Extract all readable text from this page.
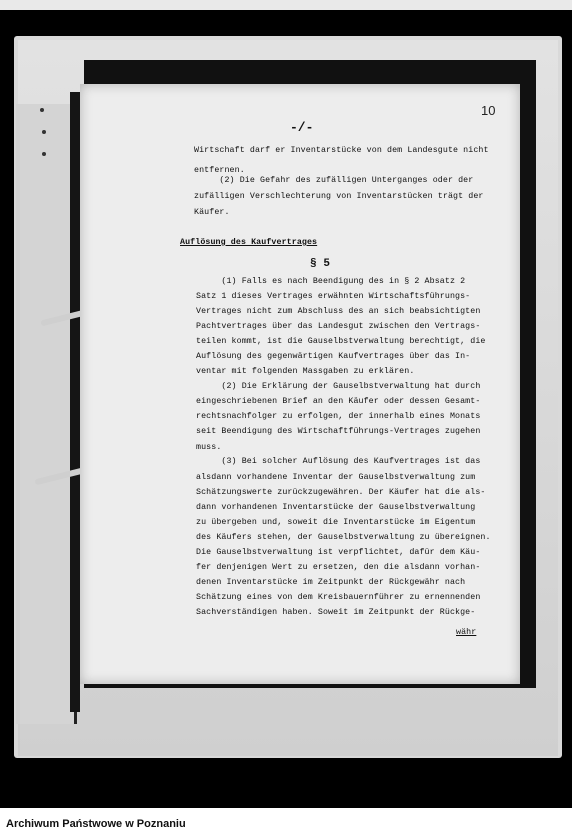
10
-/-
Wirtschaft darf er Inventarstücke von dem Landesgute nicht
entfernen.
(2) Die Gefahr des zufälligen Unterganges oder der
zufälligen Verschlechterung von Inventarstücken trägt der
Käufer.
Auflösung des Kaufvertrages
§ 5
(1) Falls es nach Beendigung des in § 2 Absatz 2
Satz 1 dieses Vertrages erwähnten Wirtschaftsführungs-
Vertrages nicht zum Abschluss des an sich beabsichtigten
Pachtvertrages über das Landesgut zwischen den Vertrags-
teilen kommt, ist die Gauselbstverwaltung berechtigt, die
Auflösung des gegenwärtigen Kaufvertrages über das In-
ventar mit folgenden Massgaben zu erklären.
(2) Die Erklärung der Gauselbstverwaltung hat durch
eingeschriebenen Brief an den Käufer oder dessen Gesamt-
rechtsnachfolger zu erfolgen, der innerhalb eines Monats
seit Beendigung des Wirtschaftführungs-Vertrages zugehen
muss.
(3) Bei solcher Auflösung des Kaufvertrages ist das
alsdann vorhandene Inventar der Gauselbstverwaltung zum
Schätzungswerte zurückzugewähren. Der Käufer hat die als-
dann vorhandenen Inventarstücke der Gauselbstverwaltung
zu übergeben und, soweit die Inventarstücke im Eigentum
des Käufers stehen, der Gauselbstverwaltung zu übereignen.
Die Gauselbstverwaltung ist verpflichtet, dafür dem Käu-
fer denjenigen Wert zu ersetzen, den die alsdann vorhan-
denen Inventarstücke im Zeitpunkt der Rückgewähr nach
Schätzung eines von dem Kreisbauernführer zu ernennenden
Sachverständigen haben. Soweit im Zeitpunkt der Rückge-
währ
Archiwum Państwowe w Poznaniu
